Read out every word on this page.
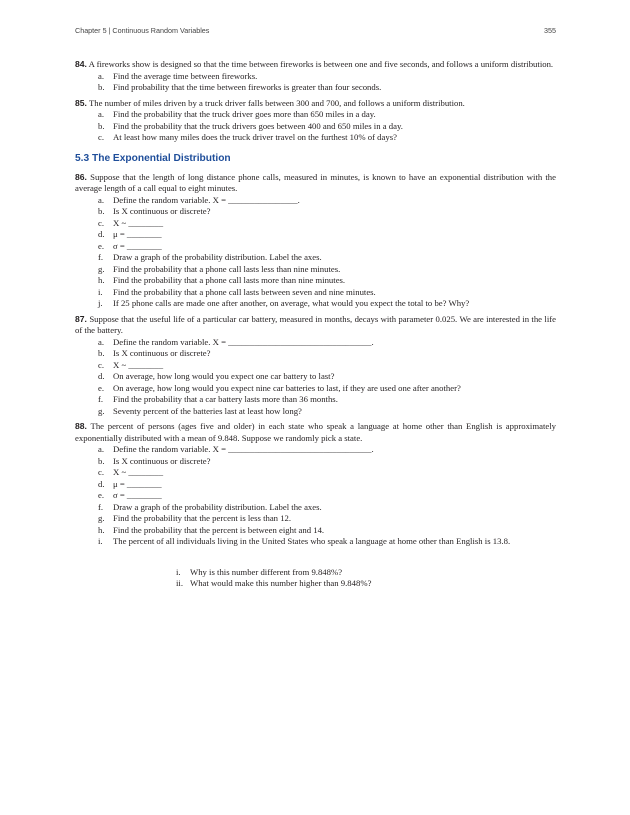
Chapter 5 | Continuous Random Variables	355

84. A fireworks show is designed so that the time between fireworks is between one and five seconds, and follows a uniform distribution.

a. Find the average time between fireworks.
b. Find probability that the time between fireworks is greater than four seconds.

85. The number of miles driven by a truck driver falls between 300 and 700, and follows a uniform distribution.

a. Find the probability that the truck driver goes more than 650 miles in a day.
b. Find the probability that the truck drivers goes between 400 and 650 miles in a day.
c. At least how many miles does the truck driver travel on the furthest 10% of days?
5.3 The Exponential Distribution

86. Suppose that the length of long distance phone calls, measured in minutes, is known to have an exponential distribution with the average length of a call equal to eight minutes.

a. Define the random variable. X = ________________.
b. Is X continuous or discrete?
c. X ~ ________
d. μ = ________
e. σ = ________
f. Draw a graph of the probability distribution. Label the axes.
g. Find the probability that a phone call lasts less than nine minutes.
h. Find the probability that a phone call lasts more than nine minutes.
i. Find the probability that a phone call lasts between seven and nine minutes.
j. If 25 phone calls are made one after another, on average, what would you expect the total to be? Why?

87. Suppose that the useful life of a particular car battery, measured in months, decays with parameter 0.025. We are interested in the life of the battery.

a. Define the random variable. X = _________________________________.
b. Is X continuous or discrete?
c. X ~ ________
d. On average, how long would you expect one car battery to last?
e. On average, how long would you expect nine car batteries to last, if they are used one after another?
f. Find the probability that a car battery lasts more than 36 months.
g. Seventy percent of the batteries last at least how long?

88. The percent of persons (ages five and older) in each state who speak a language at home other than English is approximately exponentially distributed with a mean of 9.848. Suppose we randomly pick a state.

a. Define the random variable. X = _________________________________.
b. Is X continuous or discrete?
c. X ~ ________
d. μ = ________
e. σ = ________
f. Draw a graph of the probability distribution. Label the axes.
g. Find the probability that the percent is less than 12.
h. Find the probability that the percent is between eight and 14.
i. The percent of all individuals living in the United States who speak a language at home other than English is 13.8.
i. Why is this number different from 9.848%?
ii. What would make this number higher than 9.848%?
